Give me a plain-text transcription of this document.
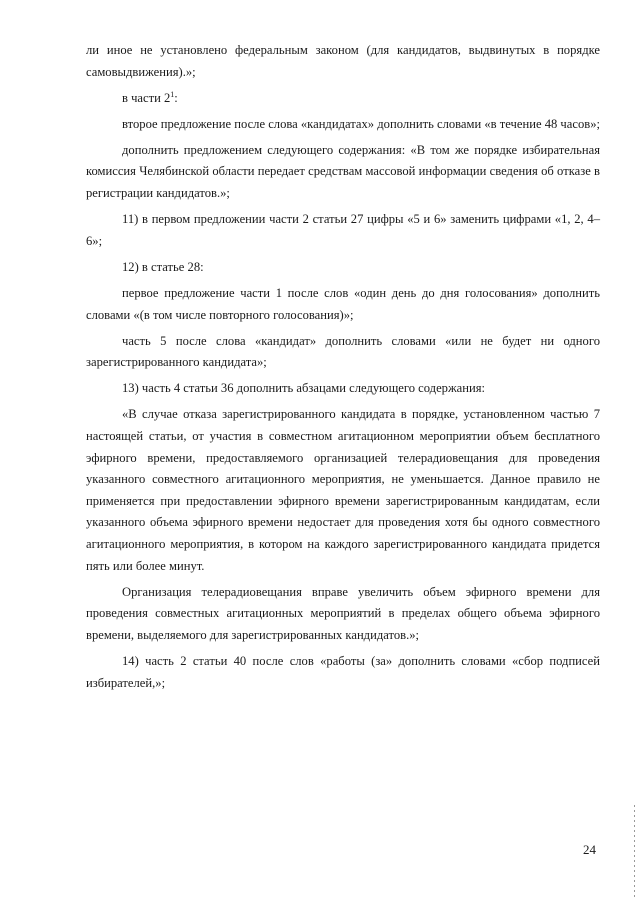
ли иное не установлено федеральным законом (для кандидатов, выдвинутых в порядке самовыдвижения).»;

в части $2^1$:

второе предложение после слова «кандидатах» дополнить словами «в течение 48 часов»;

дополнить предложением следующего содержания: «В том же порядке избирательная комиссия Челябинской области передает средствам массовой информации сведения об отказе в регистрации кандидатов.»;

11) в первом предложении части 2 статьи 27 цифры «5 и 6» заменить цифрами «1, 2, 4–6»;

12) в статье 28:

первое предложение части 1 после слов «один день до дня голосования» дополнить словами «(в том числе повторного голосования)»;

часть 5 после слова «кандидат» дополнить словами «или не будет ни одного зарегистрированного кандидата»;

13) часть 4 статьи 36 дополнить абзацами следующего содержания:

«В случае отказа зарегистрированного кандидата в порядке, установленном частью 7 настоящей статьи, от участия в совместном агитационном мероприятии объем бесплатного эфирного времени, предоставляемого организацией телерадиовещания для проведения указанного совместного агитационного мероприятия, не уменьшается. Данное правило не применяется при предоставлении эфирного времени зарегистрированным кандидатам, если указанного объема эфирного времени недостает для проведения хотя бы одного совместного агитационного мероприятия, в котором на каждого зарегистрированного кандидата придется пять или более минут.

Организация телерадиовещания вправе увеличить объем эфирного времени для проведения совместных агитационных мероприятий в пределах общего объема эфирного времени, выделяемого для зарегистрированных кандидатов.»;

14) часть 2 статьи 40 после слов «работы (за» дополнить словами «сбор подписей избирателей,»;

24
